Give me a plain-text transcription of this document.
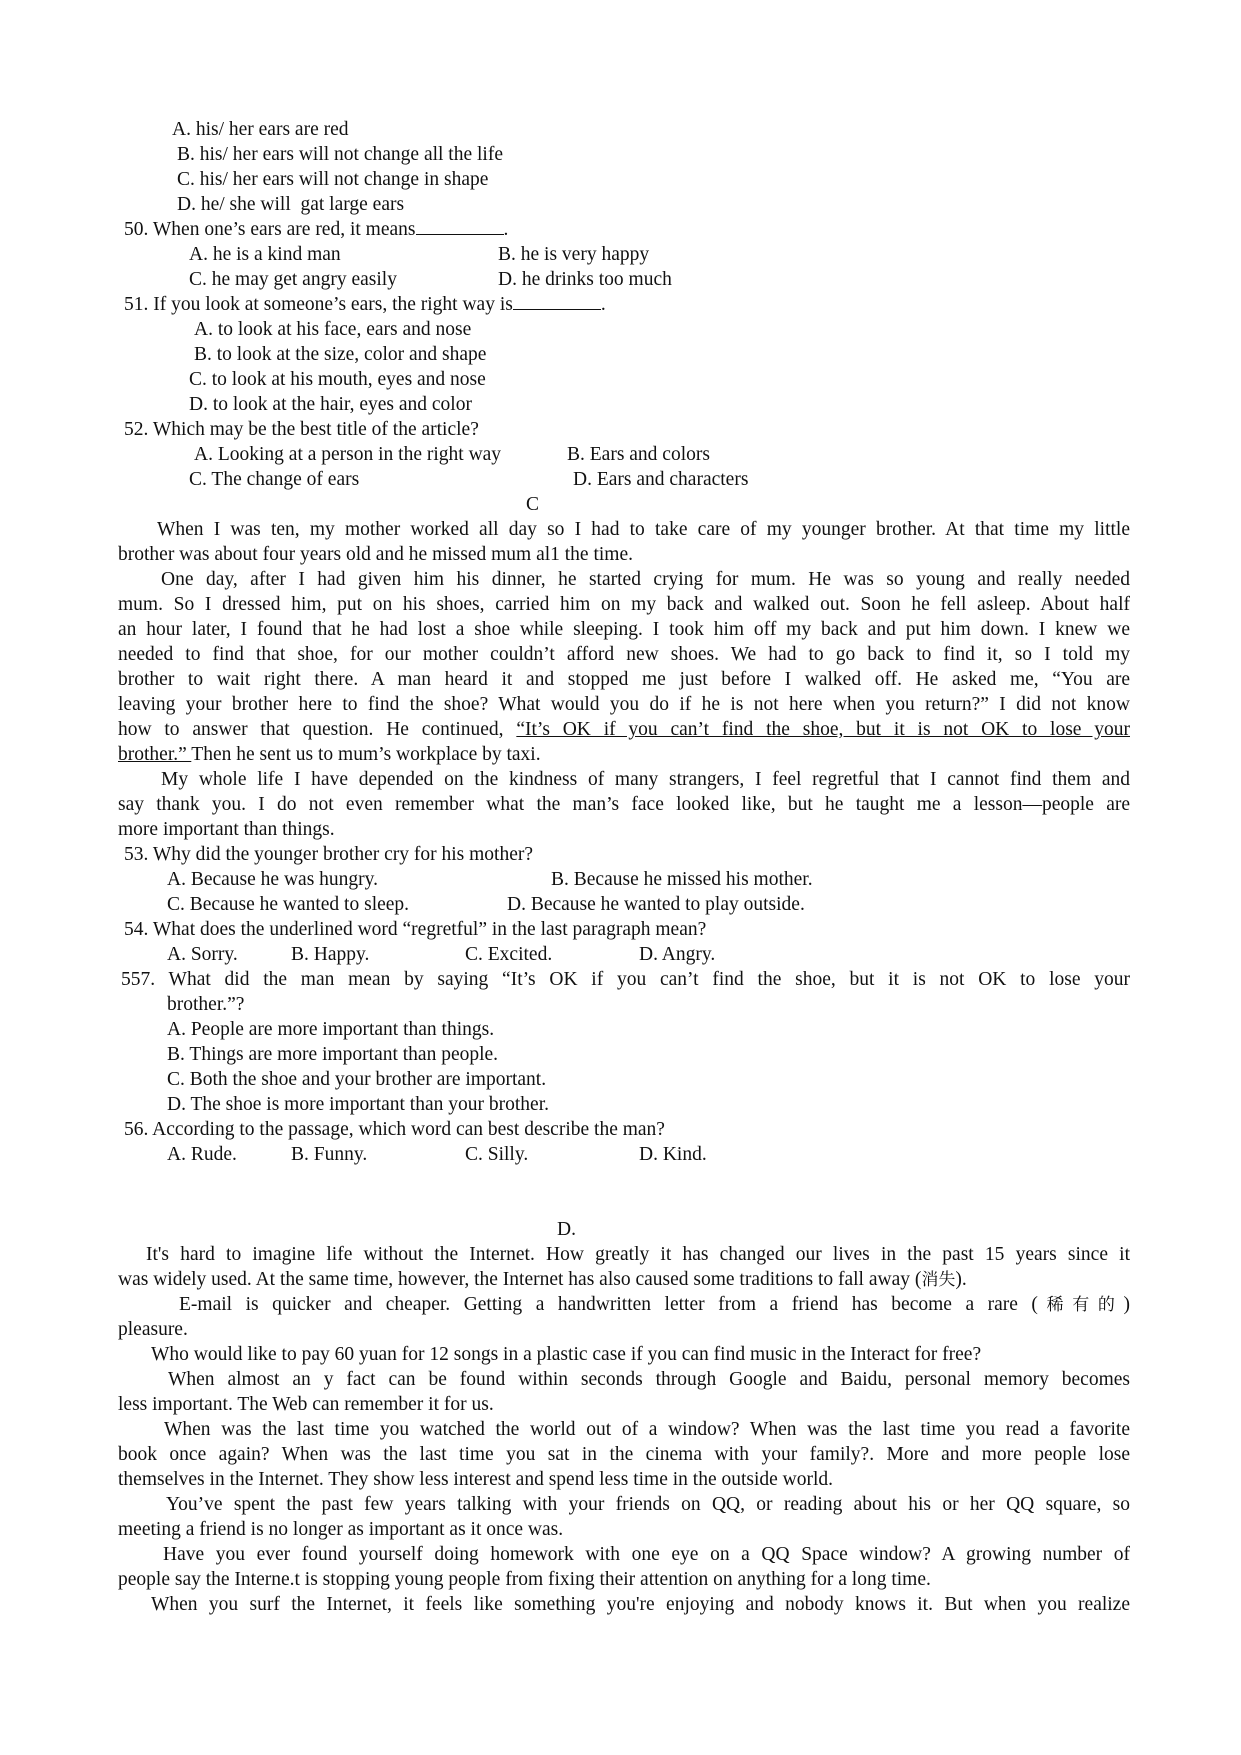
A. his/ her ears are red
B. his/ her ears will not change all the life
C. his/ her ears will not change in shape
D. he/ she will  gat large ears
50. When one’s ears are red, it means	.
A. he is a kind man	B. he is very happy
C. he may get angry easily	D. he drinks too much
51. If you look at someone’s ears, the right way is	.
A. to look at his face, ears and nose
B. to look at the size, color and shape
C. to look at his mouth, eyes and nose
D. to look at the hair, eyes and color
52. Which may be the best title of the article?
A. Looking at a person in the right way	B. Ears and colors
C. The change of ears	D. Ears and characters
C
When I was ten, my mother worked all day so I had to take care of my younger brother. At that time my little
brother was about four years old and he missed mum al1 the time.
One day, after I had given him his dinner, he started crying for mum. He was so young and really needed
mum. So I dressed him, put on his shoes, carried him on my back and walked out. Soon he fell asleep. About half
an hour later, I found that he had lost a shoe while sleeping. I took him off my back and put him down. I knew we
needed to find that shoe, for our mother couldn’t afford new shoes. We had to go back to find it, so I told my
brother to wait right there. A man heard it and stopped me just before I walked off. He asked me, “You are
leaving your brother here to find the shoe? What would you do if he is not here when you return?” I did not know
how to answer that question. He continued, “It’s OK if you can’t find the shoe, but it is not OK to lose your
brother.” Then he sent us to mum’s workplace by taxi.
My whole life I have depended on the kindness of many strangers, I feel regretful that I cannot find them and
say thank you. I do not even remember what the man’s face looked like, but he taught me a lesson—people are
more important than things.
53. Why did the younger brother cry for his mother?
A. Because he was hungry.	B. Because he missed his mother.
C. Because he wanted to sleep.	D. Because he wanted to play outside.
54. What does the underlined word “regretful” in the last paragraph mean?
A. Sorry.	B. Happy.	C. Excited.	D. Angry.
557. What did the man mean by saying “It’s OK if you can’t find the shoe, but it is not OK to lose your
brother.”?
A. People are more important than things.
B. Things are more important than people.
C. Both the shoe and your brother are important.
D. The shoe is more important than your brother.
56. According to the passage, which word can best describe the man?
A. Rude.	B. Funny.	C. Silly.	D. Kind.
D.
It's hard to imagine life without the Internet. How greatly it has changed our lives in the past 15 years since it
was widely used. At the same time, however, the Internet has also caused some traditions to fall away (消失).
E-mail is quicker and cheaper. Getting a handwritten letter from a friend has become a rare (稀有的)
pleasure.
Who would like to pay 60 yuan for 12 songs in a plastic case if you can find music in the Interact for free?
When almost an y fact can be found within seconds through Google and Baidu, personal memory becomes
less important. The Web can remember it for us.
When was the last time you watched the world out of a window? When was the last time you read a favorite
book once again? When was the last time you sat in the cinema with your family?. More and more people lose
themselves in the Internet. They show less interest and spend less time in the outside world.
You’ve spent the past few years talking with your friends on QQ, or reading about his or her QQ square, so
meeting a friend is no longer as important as it once was.
Have you ever found yourself doing homework with one eye on a QQ Space window? A growing number of
people say the Interne.t is stopping young people from fixing their attention on anything for a long time.
When you surf the Internet, it feels like something you're enjoying and nobody knows it. But when you realize
